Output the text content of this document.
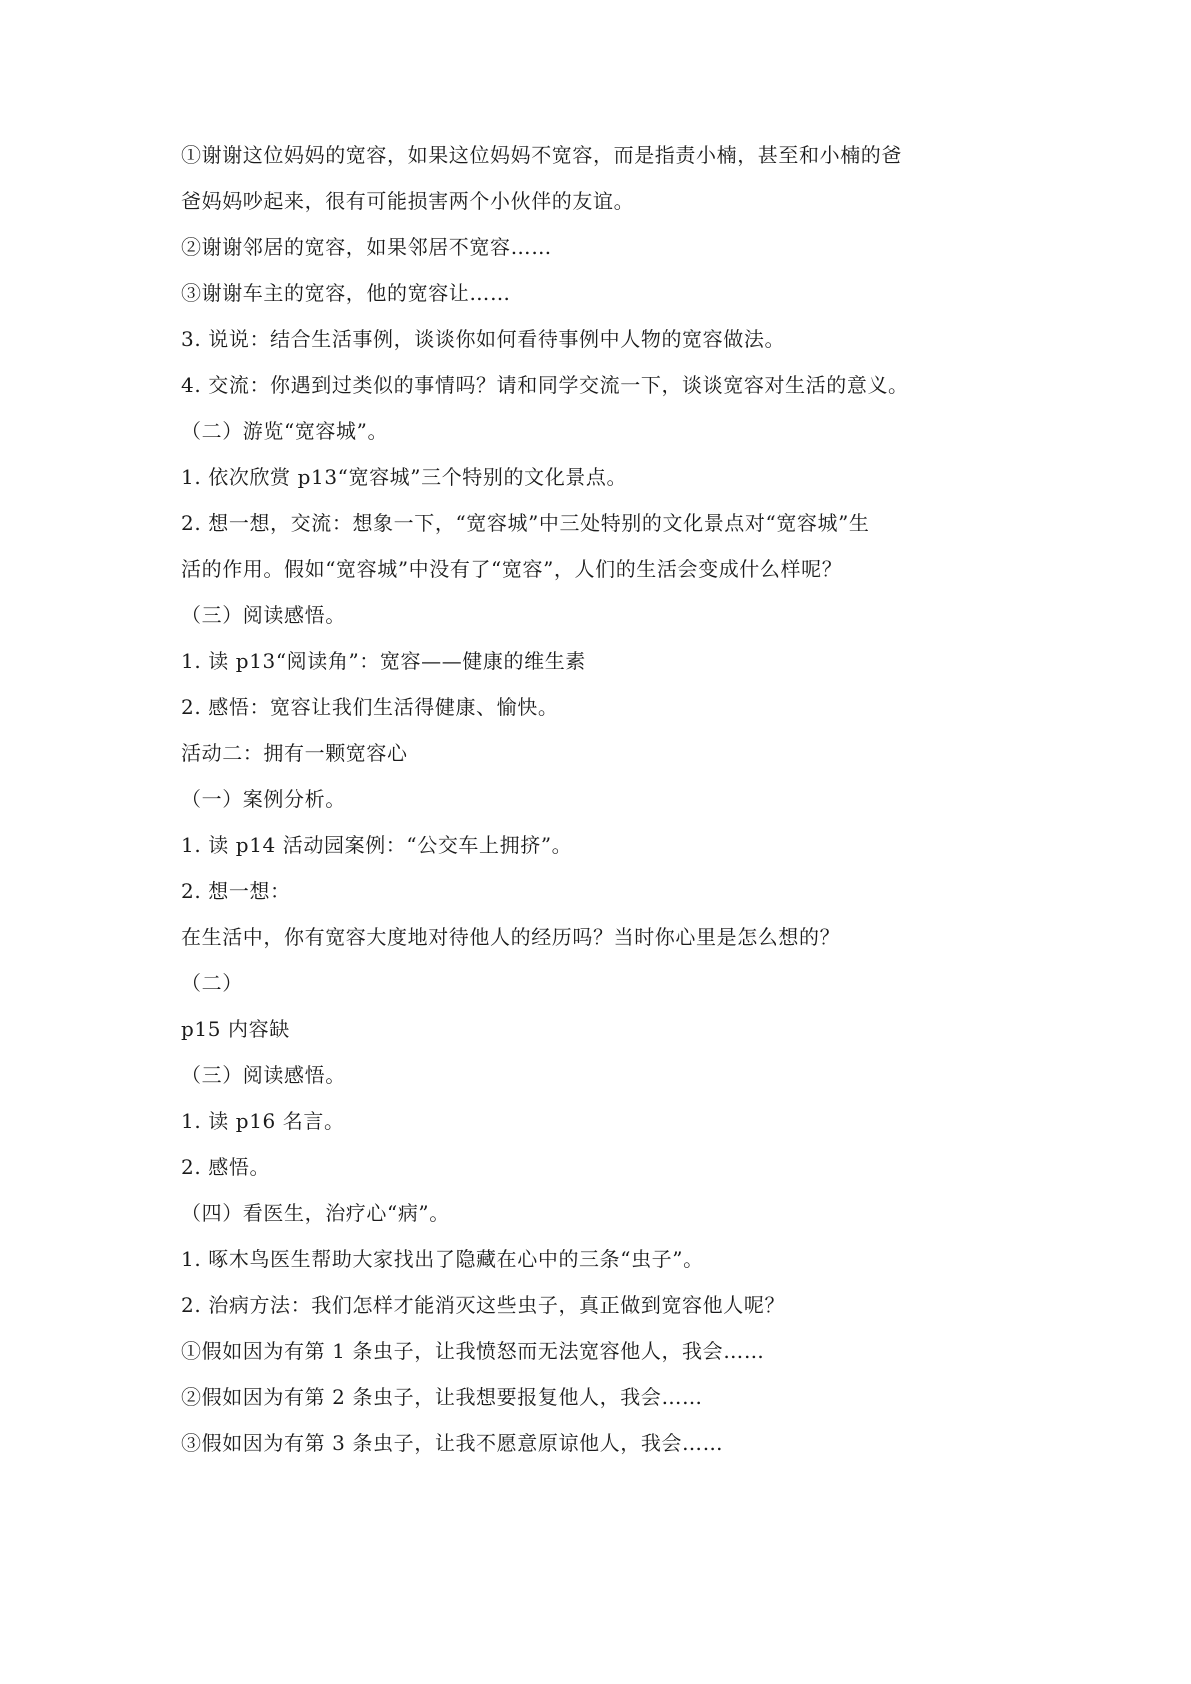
①谢谢这位妈妈的宽容，如果这位妈妈不宽容，而是指责小楠，甚至和小楠的爸
爸妈妈吵起来，很有可能损害两个小伙伴的友谊。
②谢谢邻居的宽容，如果邻居不宽容……
③谢谢车主的宽容，他的宽容让……
3. 说说：结合生活事例，谈谈你如何看待事例中人物的宽容做法。
4. 交流：你遇到过类似的事情吗？请和同学交流一下，谈谈宽容对生活的意义。
（二）游览“宽容城”。
1. 依次欣赏 p13“宽容城”三个特别的文化景点。
2. 想一想，交流：想象一下，“宽容城”中三处特别的文化景点对“宽容城”生
活的作用。假如“宽容城”中没有了“宽容”，人们的生活会变成什么样呢？
（三）阅读感悟。
1. 读 p13“阅读角”：宽容——健康的维生素
2. 感悟：宽容让我们生活得健康、愉快。
活动二：拥有一颗宽容心
（一）案例分析。
1. 读 p14 活动园案例：“公交车上拥挤”。
2. 想一想：
在生活中，你有宽容大度地对待他人的经历吗？当时你心里是怎么想的？
（二）
p15 内容缺
（三）阅读感悟。
1. 读 p16 名言。
2. 感悟。
（四）看医生，治疗心“病”。
1. 啄木鸟医生帮助大家找出了隐藏在心中的三条“虫子”。
2. 治病方法：我们怎样才能消灭这些虫子，真正做到宽容他人呢？
①假如因为有第 1 条虫子，让我愤怒而无法宽容他人，我会……
②假如因为有第 2 条虫子，让我想要报复他人，我会……
③假如因为有第 3 条虫子，让我不愿意原谅他人，我会……
